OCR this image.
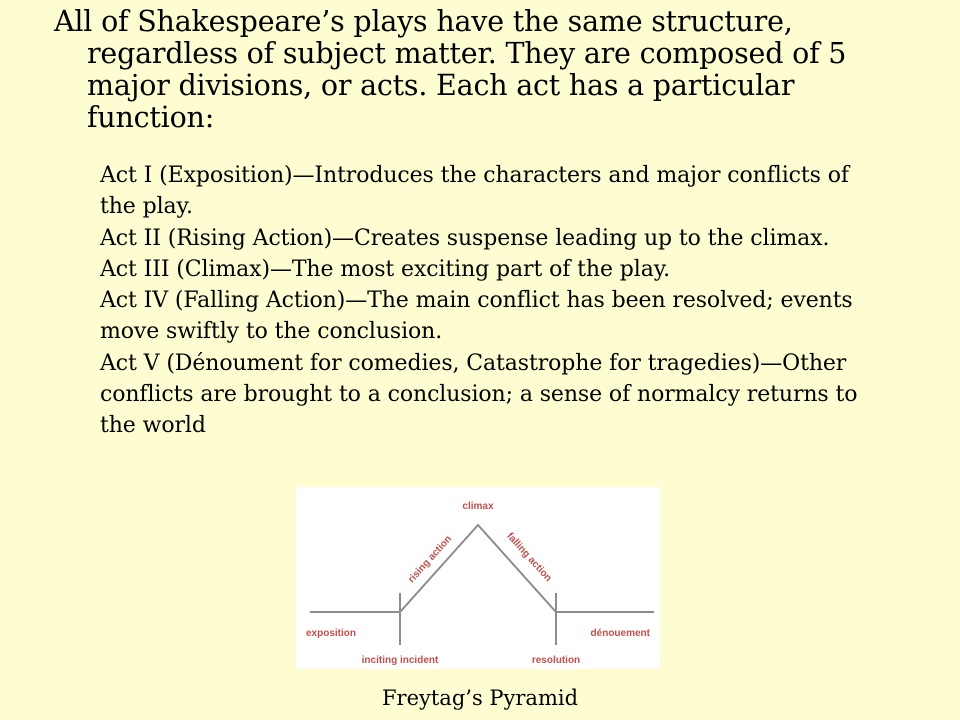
All of Shakespeare’s plays have the same structure, regardless of subject matter. They are composed of 5 major divisions, or acts. Each act has a particular function:

Act I (Exposition)—Introduces the characters and major conflicts of the play.
Act II (Rising Action)—Creates suspense leading up to the climax.
Act III (Climax)—The most exciting part of the play.
Act IV (Falling Action)—The main conflict has been resolved; events move swiftly to the conclusion.
Act V (Dénoument for comedies, Catastrophe for tragedies)—Other conflicts are brought to a conclusion; a sense of normalcy returns to the world
climax
rising action	falling action
exposition
inciting incident	resolution
dénouement

Freytag’s Pyramid
